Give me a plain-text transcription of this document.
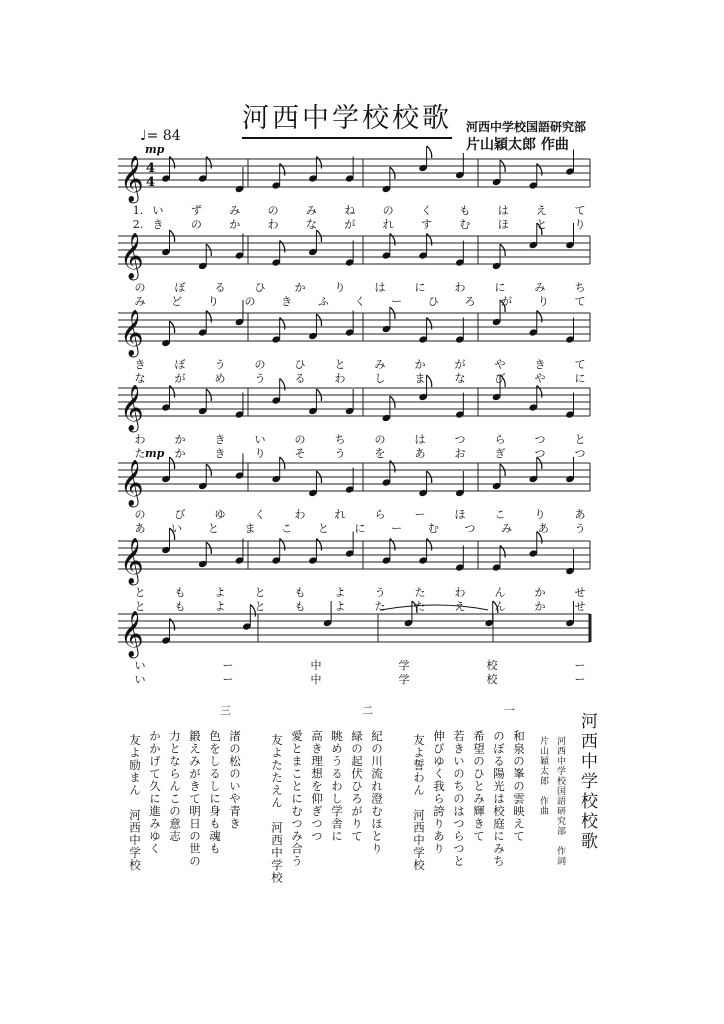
河西中学校校歌 河西中学校国語研究部
片山穎太郎 作曲
♩= 84
𝄞 4
4
𝄞
𝄞
𝄞
𝄞
𝄞
𝄞
mp
mp
1. い ず み の み ね の く も は え て
2. き の か わ な が れ す む ほ と り
の	ぼ	る	ひ	か	り	は	に	わ	に	み	ち
み ど り の き ふ く ー ひ ろ が り て
き	ぼ	う	の	ひ	と	み	か	が	や	き	て
な	が	め	う	る	わ	し	ま	な	び	や	に
わ	か	き	い	の	ち	の	は	つ	ら	つ	と
た	か	き	り	そ	う	を	あ	お	ぎ	つ	つ
の	び	ゆ	く	わ	れ	ら	ー	ほ	こ	り	あ
あ い と ま こ と に ー む つ み あ う
と	も	よ	と	も	よ	う	た	わ	ん	か	せ
と	も	よ	と	も	よ	た	た	え	ん	か	せ
い	ー	中	学	校	ー
い	ー	中	学	校	ー
河西中学校校歌
河西中学校国語研究部　作詞
片山穎太郎　作曲
一
和泉の峯の雲映えて
のぼる陽光は校庭にみち
希望のひとみ輝きて
若きいのちのはつらつと
伸びゆく我ら誇りあり
友よ誓わん　河西中学校
二
紀の川流れ澄むほとり
緑の起伏ひろがりて
眺めうるわし学舎に
高き理想を仰ぎつつ
愛とまことにむつみ合う
友よたたえん　河西中学校
三
渚の松のいや青き
色をしるしに身も魂も
鍛えみがきて明日の世の
力とならんこの意志
かかげて久に進みゆく
友よ励まん　河西中学校
